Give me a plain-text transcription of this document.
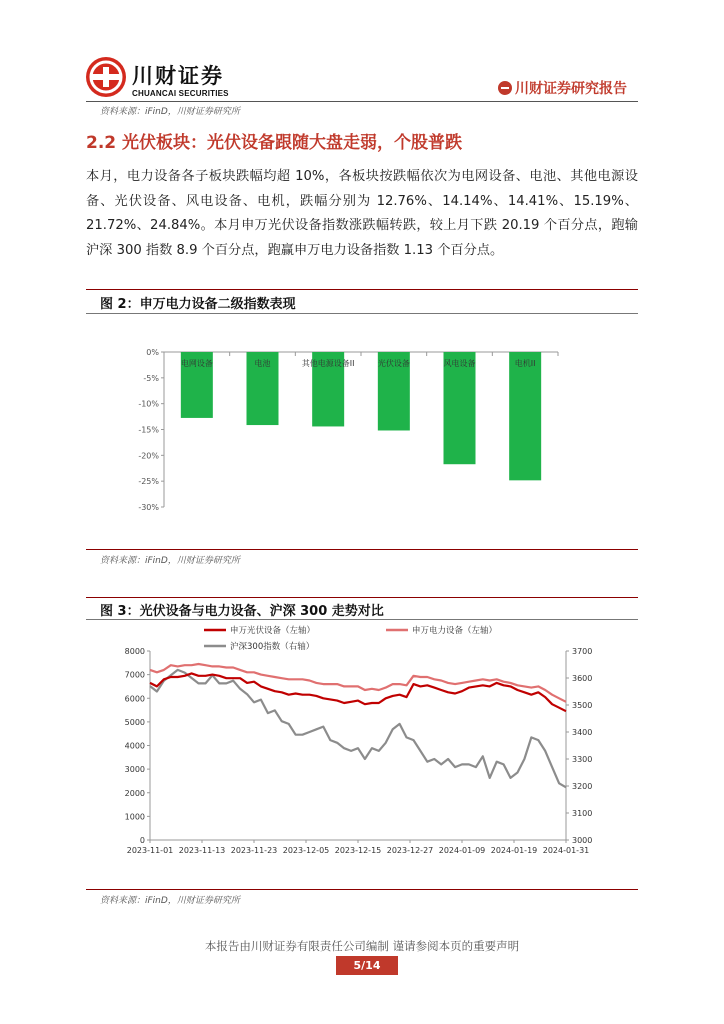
川财证券
CHUANCAI SECURITIES	川财证券研究报告
资料来源：iFinD，川财证券研究所
2.2 光伏板块：光伏设备跟随大盘走弱，个股普跌
本月，电力设备各子板块跌幅均超 10%，各板块按跌幅依次为电网设备、电池、其他电源设备、光伏设备、风电设备、电机，跌幅分别为 12.76%、14.14%、14.41%、15.19%、21.72%、24.84%。本月申万光伏设备指数涨跌幅转跌，较上月下跌 20.19 个百分点，跑输沪深 300 指数 8.9 个百分点，跑赢申万电力设备指数 1.13 个百分点。
图 2：申万电力设备二级指数表现
0%
-5%
-10%
-15%
-20%
-25%
-30%
电网设备	电池	其他电源设备II	光伏设备	风电设备	电机II
资料来源：iFinD，川财证券研究所
图 3：光伏设备与电力设备、沪深 300 走势对比
申万光伏设备（左轴）	申万电力设备（左轴）
沪深300指数（右轴）
0
1000
2000
3000
4000
5000
6000
7000
8000
3000
3100
3200
3300
3400
3500
3600
3700
2023-11-01 2023-11-13 2023-11-23 2023-12-05 2023-12-15 2023-12-27 2024-01-09 2024-01-19 2024-01-31
资料来源：iFinD，川财证券研究所
本报告由川财证券有限责任公司编制 谨请参阅本页的重要声明
5/14
